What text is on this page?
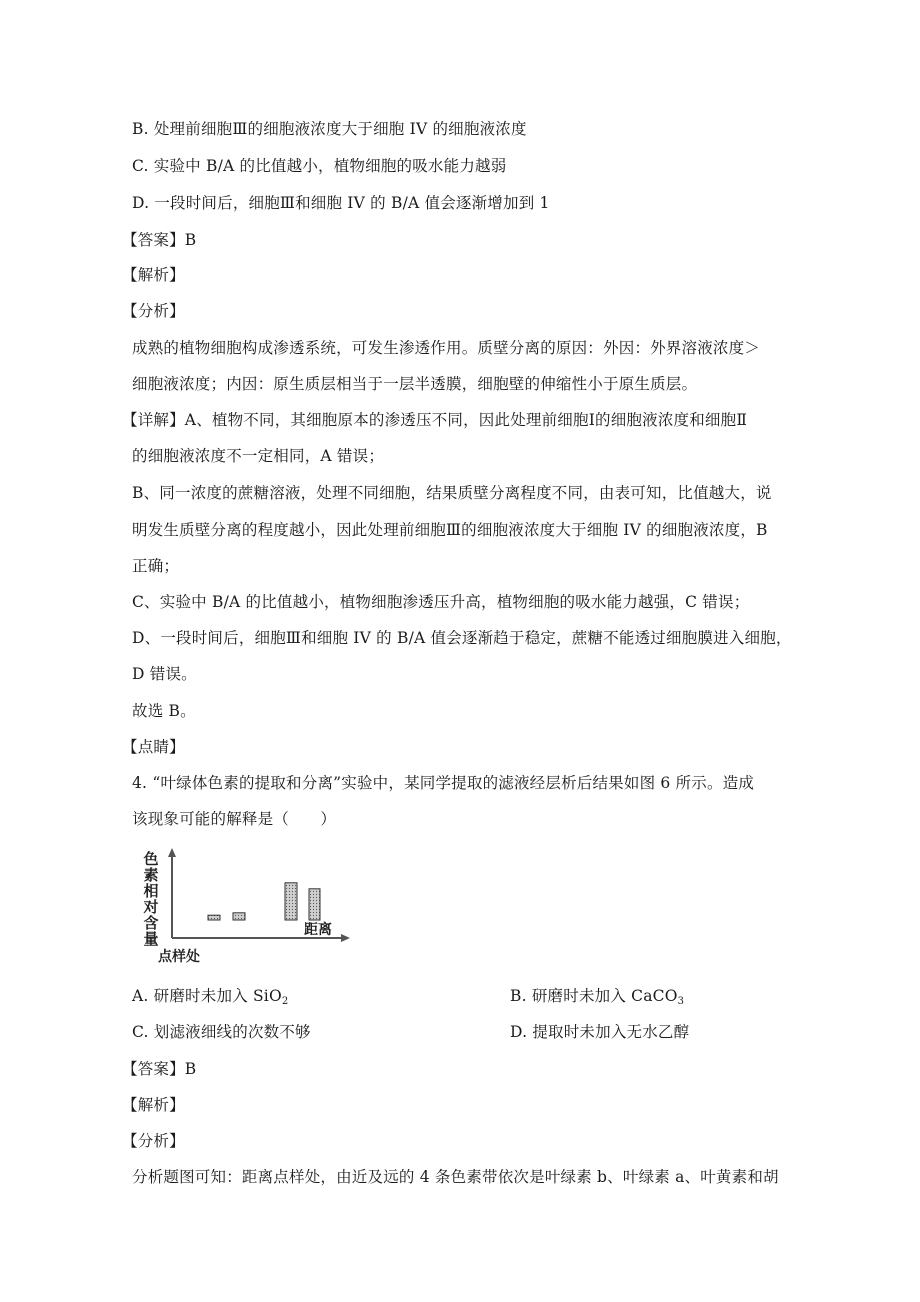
B. 处理前细胞Ⅲ的细胞液浓度大于细胞 IV 的细胞液浓度
C. 实验中 B/A 的比值越小，植物细胞的吸水能力越弱
D. 一段时间后，细胞Ⅲ和细胞 IV 的 B/A 值会逐渐增加到 1
【答案】B
【解析】
【分析】
成熟的植物细胞构成渗透系统，可发生渗透作用。质壁分离的原因：外因：外界溶液浓度＞
细胞液浓度；内因：原生质层相当于一层半透膜，细胞壁的伸缩性小于原生质层。
【详解】A、植物不同，其细胞原本的渗透压不同，因此处理前细胞Ⅰ的细胞液浓度和细胞Ⅱ
的细胞液浓度不一定相同，A 错误；
B、同一浓度的蔗糖溶液，处理不同细胞，结果质壁分离程度不同，由表可知，比值越大，说
明发生质壁分离的程度越小，因此处理前细胞Ⅲ的细胞液浓度大于细胞 IV 的细胞液浓度，B
正确；
C、实验中 B/A 的比值越小，植物细胞渗透压升高，植物细胞的吸水能力越强，C 错误；
D、一段时间后，细胞Ⅲ和细胞 IV 的 B/A 值会逐渐趋于稳定，蔗糖不能透过细胞膜进入细胞，
D 错误。
故选 B。
【点睛】
4. “叶绿体色素的提取和分离”实验中，某同学提取的滤液经层析后结果如图 6 所示。造成
该现象可能的解释是（　　）
色
素
相
对
含
量	距离
点样处
A. 研磨时未加入 SiO$_2$	B. 研磨时未加入 CaCO$_3$
C. 划滤液细线的次数不够	D. 提取时未加入无水乙醇
【答案】B
【解析】
【分析】
分析题图可知：距离点样处，由近及远的 4 条色素带依次是叶绿素 b、叶绿素 a、叶黄素和胡
